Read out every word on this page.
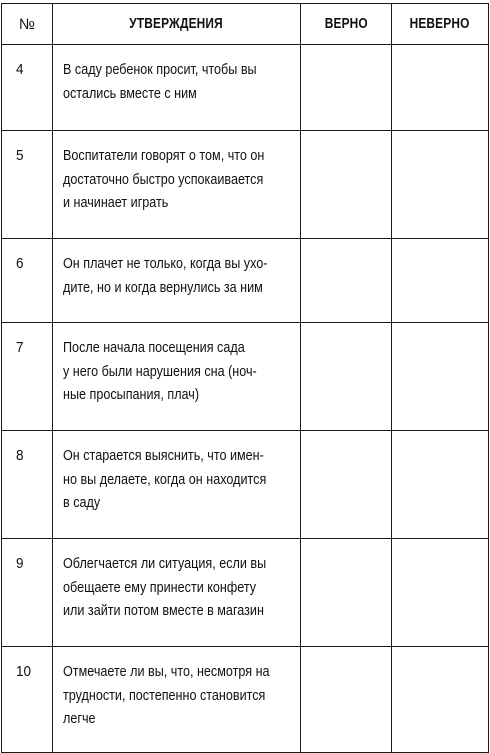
№	УТВЕРЖДЕНИЯ	ВЕРНО	НЕВЕРНО
4	В саду ребенок просит, чтобы вы
остались вместе с ним		

5	Воспитатели говорят о том, что он
достаточно быстро успокаивается
и начинает играть		

6	Он плачет не только, когда вы ухо-
дите, но и когда вернулись за ним		

7	После начала посещения сада
у него были нарушения сна (ноч-
ные просыпания, плач)		

8	Он старается выяснить, что имен-
но вы делаете, когда он находится
в саду		

9	Облегчается ли ситуация, если вы
обещаете ему принести конфету
или зайти потом вместе в магазин		

10	Отмечаете ли вы, что, несмотря на
трудности, постепенно становится
легче		
